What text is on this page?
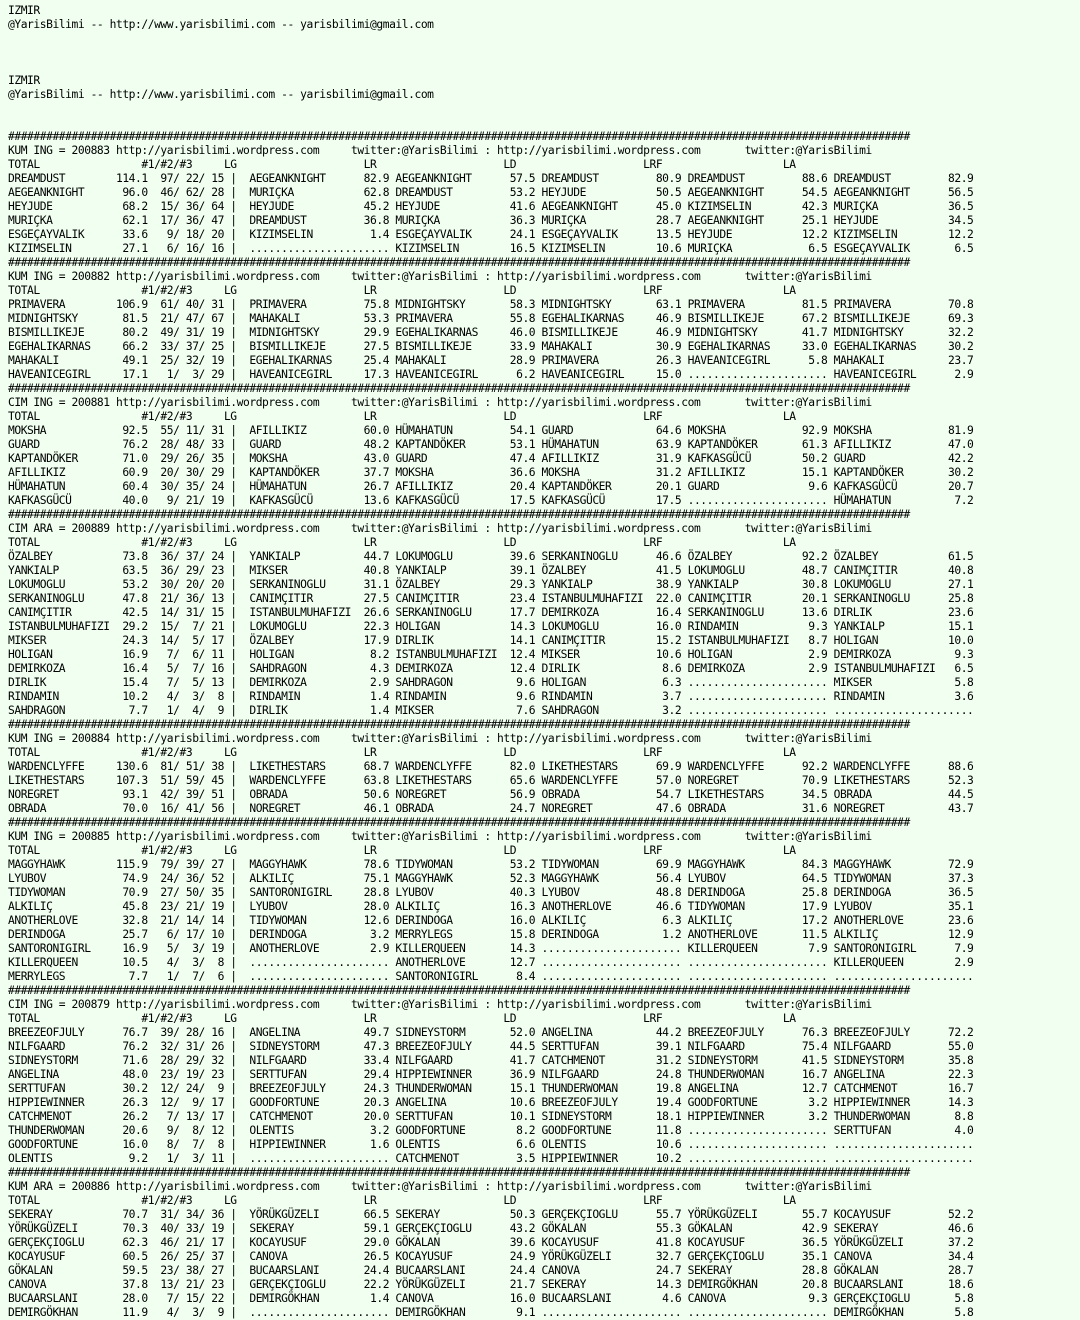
IZMIR
@YarisBilimi -- http://www.yarisbilimi.com -- yarisbilimi@gmail.com

IZMIR
@YarisBilimi -- http://www.yarisbilimi.com -- yarisbilimi@gmail.com

##############################################################################################################################################
KUM ING = 200883 http://yarisbilimi.wordpress.com     twitter:@YarisBilimi : http://yarisbilimi.wordpress.com       twitter:@YarisBilimi
TOTAL                #1/#2/#3     LG                    LR                    LD                    LRF                   LA
DREAMDUST        114.1  97/ 22/ 15 |  AEGEANKNIGHT      82.9 AEGEANKNIGHT      57.5 DREAMDUST         80.9 DREAMDUST         88.6 DREAMDUST         82.9
AEGEANKNIGHT      96.0  46/ 62/ 28 |  MURIÇKA           62.8 DREAMDUST         53.2 HEYJUDE           50.5 AEGEANKNIGHT      54.5 AEGEANKNIGHT      56.5
HEYJUDE           68.2  15/ 36/ 64 |  HEYJUDE           45.2 HEYJUDE           41.6 AEGEANKNIGHT      45.0 KIZIMSELIN        42.3 MURIÇKA           36.5
MURIÇKA           62.1  17/ 36/ 47 |  DREAMDUST         36.8 MURIÇKA           36.3 MURIÇKA           28.7 AEGEANKNIGHT      25.1 HEYJUDE           34.5
ESGEÇAYVALIK      33.6   9/ 18/ 20 |  KIZIMSELIN         1.4 ESGEÇAYVALIK      24.1 ESGEÇAYVALIK      13.5 HEYJUDE           12.2 KIZIMSELIN        12.2
KIZIMSELIN        27.1   6/ 16/ 16 |  ...................... KIZIMSELIN        16.5 KIZIMSELIN        10.6 MURIÇKA            6.5 ESGEÇAYVALIK       6.5
##############################################################################################################################################
KUM ING = 200882 http://yarisbilimi.wordpress.com     twitter:@YarisBilimi : http://yarisbilimi.wordpress.com       twitter:@YarisBilimi
TOTAL                #1/#2/#3     LG                    LR                    LD                    LRF                   LA
PRIMAVERA        106.9  61/ 40/ 31 |  PRIMAVERA         75.8 MIDNIGHTSKY       58.3 MIDNIGHTSKY       63.1 PRIMAVERA         81.5 PRIMAVERA         70.8
MIDNIGHTSKY       81.5  21/ 47/ 67 |  MAHAKALI          53.3 PRIMAVERA         55.8 EGEHALIKARNAS     46.9 BISMILLIKEJE      67.2 BISMILLIKEJE      69.3
BISMILLIKEJE      80.2  49/ 31/ 19 |  MIDNIGHTSKY       29.9 EGEHALIKARNAS     46.0 BISMILLIKEJE      46.9 MIDNIGHTSKY       41.7 MIDNIGHTSKY       32.2
EGEHALIKARNAS     66.2  33/ 37/ 25 |  BISMILLIKEJE      27.5 BISMILLIKEJE      33.9 MAHAKALI          30.9 EGEHALIKARNAS     33.0 EGEHALIKARNAS     30.2
MAHAKALI          49.1  25/ 32/ 19 |  EGEHALIKARNAS     25.4 MAHAKALI          28.9 PRIMAVERA         26.3 HAVEANICEGIRL      5.8 MAHAKALI          23.7
HAVEANICEGIRL     17.1   1/  3/ 29 |  HAVEANICEGIRL     17.3 HAVEANICEGIRL      6.2 HAVEANICEGIRL     15.0 ...................... HAVEANICEGIRL      2.9
##############################################################################################################################################
CIM ING = 200881 http://yarisbilimi.wordpress.com     twitter:@YarisBilimi : http://yarisbilimi.wordpress.com       twitter:@YarisBilimi
TOTAL                #1/#2/#3     LG                    LR                    LD                    LRF                   LA
MOKSHA            92.5  55/ 11/ 31 |  AFILLIKIZ         60.0 HÜMAHATUN         54.1 GUARD             64.6 MOKSHA            92.9 MOKSHA            81.9
GUARD             76.2  28/ 48/ 33 |  GUARD             48.2 KAPTANDÖKER       53.1 HÜMAHATUN         63.9 KAPTANDÖKER       61.3 AFILLIKIZ         47.0
KAPTANDÖKER       71.0  29/ 26/ 35 |  MOKSHA            43.0 GUARD             47.4 AFILLIKIZ         31.9 KAFKASGÜCÜ        50.2 GUARD             42.2
AFILLIKIZ         60.9  20/ 30/ 29 |  KAPTANDÖKER       37.7 MOKSHA            36.6 MOKSHA            31.2 AFILLIKIZ         15.1 KAPTANDÖKER       30.2
HÜMAHATUN         60.4  30/ 35/ 24 |  HÜMAHATUN         26.7 AFILLIKIZ         20.4 KAPTANDÖKER       20.1 GUARD              9.6 KAFKASGÜCÜ        20.7
KAFKASGÜCÜ        40.0   9/ 21/ 19 |  KAFKASGÜCÜ        13.6 KAFKASGÜCÜ        17.5 KAFKASGÜCÜ        17.5 ...................... HÜMAHATUN          7.2
##############################################################################################################################################
CIM ARA = 200889 http://yarisbilimi.wordpress.com     twitter:@YarisBilimi : http://yarisbilimi.wordpress.com       twitter:@YarisBilimi
TOTAL                #1/#2/#3     LG                    LR                    LD                    LRF                   LA
ÖZALBEY           73.8  36/ 37/ 24 |  YANKIALP          44.7 LOKUMOGLU         39.6 SERKANINOGLU      46.6 ÖZALBEY           92.2 ÖZALBEY           61.5
YANKIALP          63.5  36/ 29/ 23 |  MIKSER            40.8 YANKIALP          39.1 ÖZALBEY           41.5 LOKUMOGLU         48.7 CANIMÇITIR        40.8
LOKUMOGLU         53.2  30/ 20/ 20 |  SERKANINOGLU      31.1 ÖZALBEY           29.3 YANKIALP          38.9 YANKIALP          30.8 LOKUMOGLU         27.1
SERKANINOGLU      47.8  21/ 36/ 13 |  CANIMÇITIR        27.5 CANIMÇITIR        23.4 ISTANBULMUHAFIZI  22.0 CANIMÇITIR        20.1 SERKANINOGLU      25.8
CANIMÇITIR        42.5  14/ 31/ 15 |  ISTANBULMUHAFIZI  26.6 SERKANINOGLU      17.7 DEMIRKOZA         16.4 SERKANINOGLU      13.6 DIRLIK            23.6
ISTANBULMUHAFIZI  29.2  15/  7/ 21 |  LOKUMOGLU         22.3 HOLIGAN           14.3 LOKUMOGLU         16.0 RINDAMIN           9.3 YANKIALP          15.1
MIKSER            24.3  14/  5/ 17 |  ÖZALBEY           17.9 DIRLIK            14.1 CANIMÇITIR        15.2 ISTANBULMUHAFIZI   8.7 HOLIGAN           10.0
HOLIGAN           16.9   7/  6/ 11 |  HOLIGAN            8.2 ISTANBULMUHAFIZI  12.4 MIKSER            10.6 HOLIGAN            2.9 DEMIRKOZA          9.3
DEMIRKOZA         16.4   5/  7/ 16 |  SAHDRAGON          4.3 DEMIRKOZA         12.4 DIRLIK             8.6 DEMIRKOZA          2.9 ISTANBULMUHAFIZI   6.5
DIRLIK            15.4   7/  5/ 13 |  DEMIRKOZA          2.9 SAHDRAGON          9.6 HOLIGAN            6.3 ...................... MIKSER             5.8
RINDAMIN          10.2   4/  3/  8 |  RINDAMIN           1.4 RINDAMIN           9.6 RINDAMIN           3.7 ...................... RINDAMIN           3.6
SAHDRAGON          7.7   1/  4/  9 |  DIRLIK             1.4 MIKSER             7.6 SAHDRAGON          3.2 ...................... ......................
##############################################################################################################################################
KUM ING = 200884 http://yarisbilimi.wordpress.com     twitter:@YarisBilimi : http://yarisbilimi.wordpress.com       twitter:@YarisBilimi
TOTAL                #1/#2/#3     LG                    LR                    LD                    LRF                   LA
WARDENCLYFFE     130.6  81/ 51/ 38 |  LIKETHESTARS      68.7 WARDENCLYFFE      82.0 LIKETHESTARS      69.9 WARDENCLYFFE      92.2 WARDENCLYFFE      88.6
LIKETHESTARS     107.3  51/ 59/ 45 |  WARDENCLYFFE      63.8 LIKETHESTARS      65.6 WARDENCLYFFE      57.0 NOREGRET          70.9 LIKETHESTARS      52.3
NOREGRET          93.1  42/ 39/ 51 |  OBRADA            50.6 NOREGRET          56.9 OBRADA            54.7 LIKETHESTARS      34.5 OBRADA            44.5
OBRADA            70.0  16/ 41/ 56 |  NOREGRET          46.1 OBRADA            24.7 NOREGRET          47.6 OBRADA            31.6 NOREGRET          43.7
##############################################################################################################################################
KUM ING = 200885 http://yarisbilimi.wordpress.com     twitter:@YarisBilimi : http://yarisbilimi.wordpress.com       twitter:@YarisBilimi
TOTAL                #1/#2/#3     LG                    LR                    LD                    LRF                   LA
MAGGYHAWK        115.9  79/ 39/ 27 |  MAGGYHAWK         78.6 TIDYWOMAN         53.2 TIDYWOMAN         69.9 MAGGYHAWK         84.3 MAGGYHAWK         72.9
LYUBOV            74.9  24/ 36/ 52 |  ALKILIÇ           75.1 MAGGYHAWK         52.3 MAGGYHAWK         56.4 LYUBOV            64.5 TIDYWOMAN         37.3
TIDYWOMAN         70.9  27/ 50/ 35 |  SANTORONIGIRL     28.8 LYUBOV            40.3 LYUBOV            48.8 DERINDOGA         25.8 DERINDOGA         36.5
ALKILIÇ           45.8  23/ 21/ 19 |  LYUBOV            28.0 ALKILIÇ           16.3 ANOTHERLOVE       46.6 TIDYWOMAN         17.9 LYUBOV            35.1
ANOTHERLOVE       32.8  21/ 14/ 14 |  TIDYWOMAN         12.6 DERINDOGA         16.0 ALKILIÇ            6.3 ALKILIÇ           17.2 ANOTHERLOVE       23.6
DERINDOGA         25.7   6/ 17/ 10 |  DERINDOGA          3.2 MERRYLEGS         15.8 DERINDOGA          1.2 ANOTHERLOVE       11.5 ALKILIÇ           12.9
SANTORONIGIRL     16.9   5/  3/ 19 |  ANOTHERLOVE        2.9 KILLERQUEEN       14.3 ...................... KILLERQUEEN        7.9 SANTORONIGIRL      7.9
KILLERQUEEN       10.5   4/  3/  8 |  ...................... ANOTHERLOVE       12.7 ...................... ...................... KILLERQUEEN        2.9
MERRYLEGS          7.7   1/  7/  6 |  ...................... SANTORONIGIRL      8.4 ...................... ...................... ......................
##############################################################################################################################################
CIM ING = 200879 http://yarisbilimi.wordpress.com     twitter:@YarisBilimi : http://yarisbilimi.wordpress.com       twitter:@YarisBilimi
TOTAL                #1/#2/#3     LG                    LR                    LD                    LRF                   LA
BREEZEOFJULY      76.7  39/ 28/ 16 |  ANGELINA          49.7 SIDNEYSTORM       52.0 ANGELINA          44.2 BREEZEOFJULY      76.3 BREEZEOFJULY      72.2
NILFGAARD         76.2  32/ 31/ 26 |  SIDNEYSTORM       47.3 BREEZEOFJULY      44.5 SERTTUFAN         39.1 NILFGAARD         75.4 NILFGAARD         55.0
SIDNEYSTORM       71.6  28/ 29/ 32 |  NILFGAARD         33.4 NILFGAARD         41.7 CATCHMENOT        31.2 SIDNEYSTORM       41.5 SIDNEYSTORM       35.8
ANGELINA          48.0  23/ 19/ 23 |  SERTTUFAN         29.4 HIPPIEWINNER      36.9 NILFGAARD         24.8 THUNDERWOMAN      16.7 ANGELINA          22.3
SERTTUFAN         30.2  12/ 24/  9 |  BREEZEOFJULY      24.3 THUNDERWOMAN      15.1 THUNDERWOMAN      19.8 ANGELINA          12.7 CATCHMENOT        16.7
HIPPIEWINNER      26.3  12/  9/ 17 |  GOODFORTUNE       20.3 ANGELINA          10.6 BREEZEOFJULY      19.4 GOODFORTUNE        3.2 HIPPIEWINNER      14.3
CATCHMENOT        26.2   7/ 13/ 17 |  CATCHMENOT        20.0 SERTTUFAN         10.1 SIDNEYSTORM       18.1 HIPPIEWINNER       3.2 THUNDERWOMAN       8.8
THUNDERWOMAN      20.6   9/  8/ 12 |  OLENTIS            3.2 GOODFORTUNE        8.2 GOODFORTUNE       11.8 ...................... SERTTUFAN          4.0
GOODFORTUNE       16.0   8/  7/  8 |  HIPPIEWINNER       1.6 OLENTIS            6.6 OLENTIS           10.6 ...................... ......................
OLENTIS            9.2   1/  3/ 11 |  ...................... CATCHMENOT         3.5 HIPPIEWINNER      10.2 ...................... ......................
##############################################################################################################################################
KUM ARA = 200886 http://yarisbilimi.wordpress.com     twitter:@YarisBilimi : http://yarisbilimi.wordpress.com       twitter:@YarisBilimi
TOTAL                #1/#2/#3     LG                    LR                    LD                    LRF                   LA
SEKERAY           70.7  31/ 34/ 36 |  YÖRÜKGÜZELI       66.5 SEKERAY           50.3 GERÇEKÇIOGLU      55.7 YÖRÜKGÜZELI       55.7 KOCAYUSUF         52.2
YÖRÜKGÜZELI       70.3  40/ 33/ 19 |  SEKERAY           59.1 GERÇEKÇIOGLU      43.2 GÖKALAN           55.3 GÖKALAN           42.9 SEKERAY           46.6
GERÇEKÇIOGLU      62.3  46/ 21/ 17 |  KOCAYUSUF         29.0 GÖKALAN           39.6 KOCAYUSUF         41.8 KOCAYUSUF         36.5 YÖRÜKGÜZELI       37.2
KOCAYUSUF         60.5  26/ 25/ 37 |  CANOVA            26.5 KOCAYUSUF         24.9 YÖRÜKGÜZELI       32.7 GERÇEKÇIOGLU      35.1 CANOVA            34.4
GÖKALAN           59.5  23/ 38/ 27 |  BUCAARSLANI       24.4 BUCAARSLANI       24.4 CANOVA            24.7 SEKERAY           28.8 GÖKALAN           28.7
CANOVA            37.8  13/ 21/ 23 |  GERÇEKÇIOGLU      22.2 YÖRÜKGÜZELI       21.7 SEKERAY           14.3 DEMIRGÖKHAN       20.8 BUCAARSLANI       18.6
BUCAARSLANI       28.0   7/ 15/ 22 |  DEMIRGÖKHAN        1.4 CANOVA            16.0 BUCAARSLANI        4.6 CANOVA             9.3 GERÇEKÇIOGLU       5.8
DEMIRGÖKHAN       11.9   4/  3/  9 |  ...................... DEMIRGÖKHAN        9.1 ...................... ...................... DEMIRGÖKHAN        5.8
